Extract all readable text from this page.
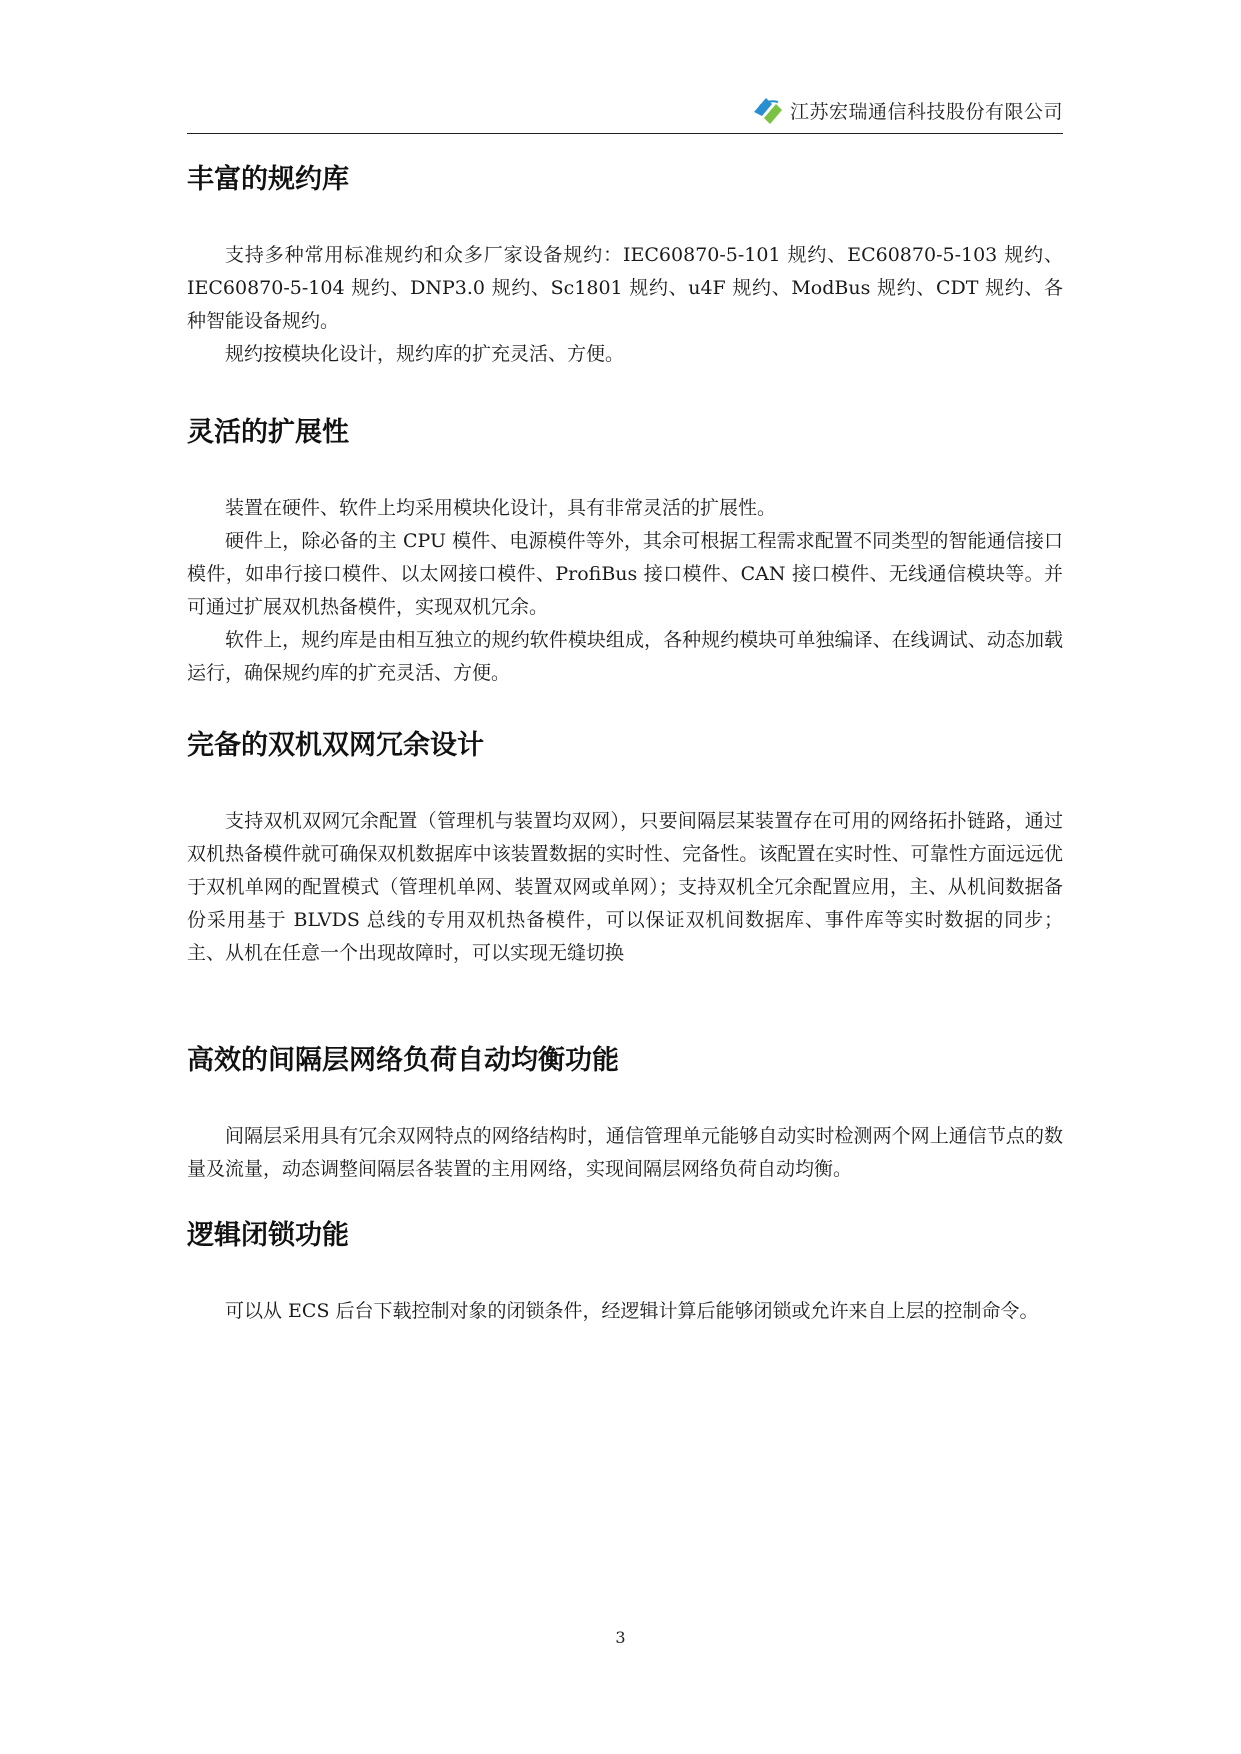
江苏宏瑞通信科技股份有限公司
丰富的规约库

支持多种常用标准规约和众多厂家设备规约：IEC60870-5-101 规约、EC60870-5-103 规约、IEC60870-5-104 规约、DNP3.0 规约、Sc1801 规约、u4F 规约、ModBus 规约、CDT 规约、各种智能设备规约。

规约按模块化设计，规约库的扩充灵活、方便。

灵活的扩展性

装置在硬件、软件上均采用模块化设计，具有非常灵活的扩展性。

硬件上，除必备的主 CPU 模件、电源模件等外，其余可根据工程需求配置不同类型的智能通信接口模件，如串行接口模件、以太网接口模件、ProfiBus 接口模件、CAN 接口模件、无线通信模块等。并可通过扩展双机热备模件，实现双机冗余。

软件上，规约库是由相互独立的规约软件模块组成，各种规约模块可单独编译、在线调试、动态加载运行，确保规约库的扩充灵活、方便。

完备的双机双网冗余设计

支持双机双网冗余配置（管理机与装置均双网），只要间隔层某装置存在可用的网络拓扑链路，通过双机热备模件就可确保双机数据库中该装置数据的实时性、完备性。该配置在实时性、可靠性方面远远优于双机单网的配置模式（管理机单网、装置双网或单网）；支持双机全冗余配置应用，主、从机间数据备份采用基于 BLVDS 总线的专用双机热备模件，可以保证双机间数据库、事件库等实时数据的同步；主、从机在任意一个出现故障时，可以实现无缝切换

高效的间隔层网络负荷自动均衡功能

间隔层采用具有冗余双网特点的网络结构时，通信管理单元能够自动实时检测两个网上通信节点的数量及流量，动态调整间隔层各装置的主用网络，实现间隔层网络负荷自动均衡。

逻辑闭锁功能

可以从 ECS 后台下载控制对象的闭锁条件，经逻辑计算后能够闭锁或允许来自上层的控制命令。

3
